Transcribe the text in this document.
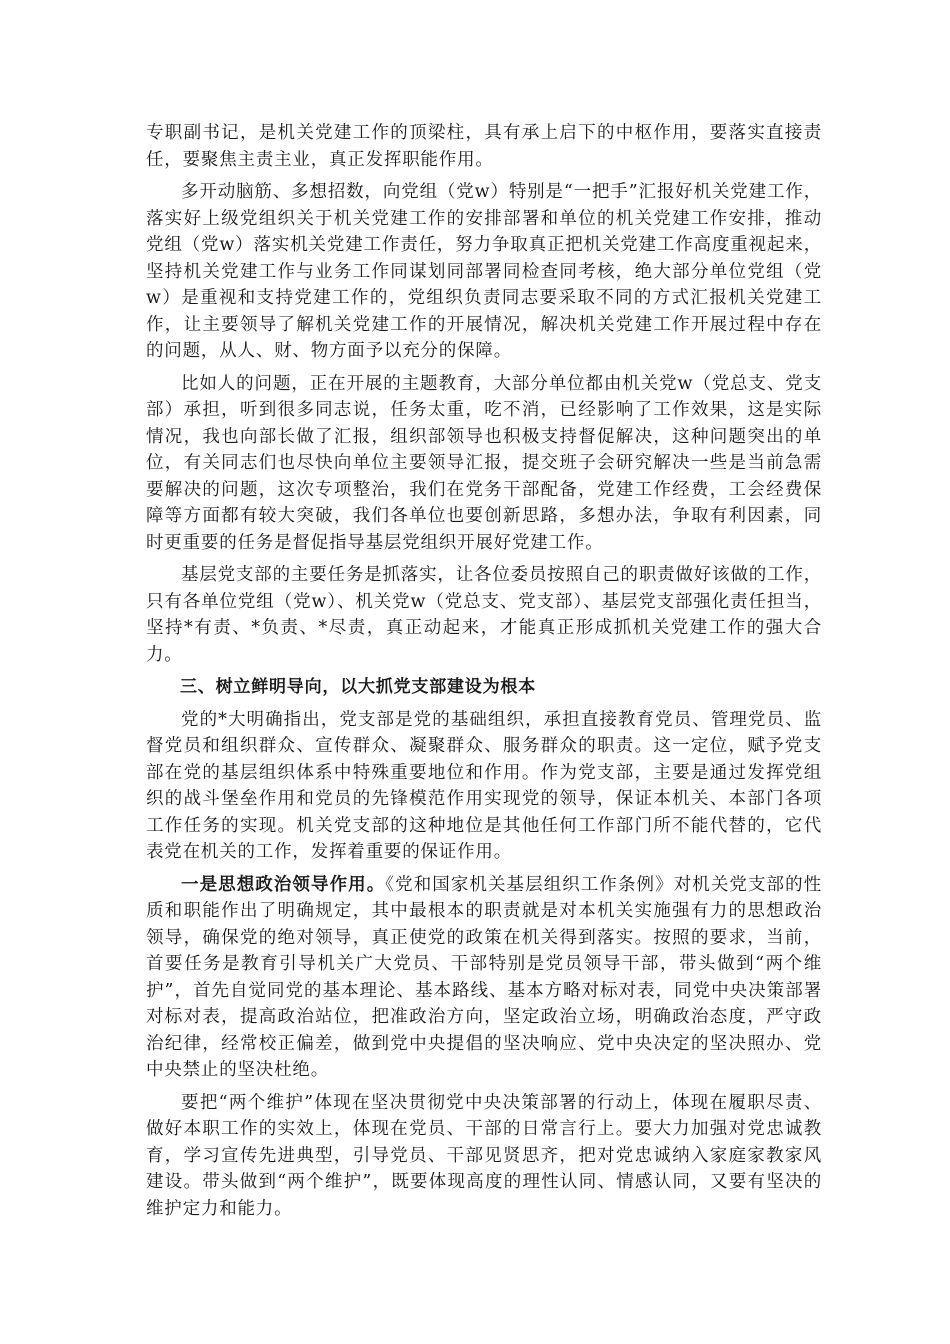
专职副书记，是机关党建工作的顶梁柱，具有承上启下的中枢作用，要落实直接责任，要聚焦主责主业，真正发挥职能作用。

多开动脑筋、多想招数，向党组（党w）特别是“一把手”汇报好机关党建工作，落实好上级党组织关于机关党建工作的安排部署和单位的机关党建工作安排，推动党组（党w）落实机关党建工作责任，努力争取真正把机关党建工作高度重视起来，坚持机关党建工作与业务工作同谋划同部署同检查同考核，绝大部分单位党组（党w）是重视和支持党建工作的，党组织负责同志要采取不同的方式汇报机关党建工作，让主要领导了解机关党建工作的开展情况，解决机关党建工作开展过程中存在的问题，从人、财、物方面予以充分的保障。

比如人的问题，正在开展的主题教育，大部分单位都由机关党w（党总支、党支部）承担，听到很多同志说，任务太重，吃不消，已经影响了工作效果，这是实际情况，我也向部长做了汇报，组织部领导也积极支持督促解决，这种问题突出的单位，有关同志们也尽快向单位主要领导汇报，提交班子会研究解决一些是当前急需要解决的问题，这次专项整治，我们在党务干部配备，党建工作经费，工会经费保障等方面都有较大突破，我们各单位也要创新思路，多想办法，争取有利因素，同时更重要的任务是督促指导基层党组织开展好党建工作。

基层党支部的主要任务是抓落实，让各位委员按照自己的职责做好该做的工作，只有各单位党组（党w）、机关党w（党总支、党支部）、基层党支部强化责任担当，坚持*有责、*负责、*尽责，真正动起来，才能真正形成抓机关党建工作的强大合力。

三、树立鲜明导向，以大抓党支部建设为根本

党的*大明确指出，党支部是党的基础组织，承担直接教育党员、管理党员、监督党员和组织群众、宣传群众、凝聚群众、服务群众的职责。这一定位，赋予党支部在党的基层组织体系中特殊重要地位和作用。作为党支部，主要是通过发挥党组织的战斗堡垒作用和党员的先锋模范作用实现党的领导，保证本机关、本部门各项工作任务的实现。机关党支部的这种地位是其他任何工作部门所不能代替的，它代表党在机关的工作，发挥着重要的保证作用。

一是思想政治领导作用。《党和国家机关基层组织工作条例》对机关党支部的性质和职能作出了明确规定，其中最根本的职责就是对本机关实施强有力的思想政治领导，确保党的绝对领导，真正使党的政策在机关得到落实。按照的要求，当前，首要任务是教育引导机关广大党员、干部特别是党员领导干部，带头做到“两个维护”，首先自觉同党的基本理论、基本路线、基本方略对标对表，同党中央决策部署对标对表，提高政治站位，把准政治方向，坚定政治立场，明确政治态度，严守政治纪律，经常校正偏差，做到党中央提倡的坚决响应、党中央决定的坚决照办、党中央禁止的坚决杜绝。

要把“两个维护”体现在坚决贯彻党中央决策部署的行动上，体现在履职尽责、做好本职工作的实效上，体现在党员、干部的日常言行上。要大力加强对党忠诚教育，学习宣传先进典型，引导党员、干部见贤思齐，把对党忠诚纳入家庭家教家风建设。带头做到“两个维护”，既要体现高度的理性认同、情感认同，又要有坚决的维护定力和能力。
